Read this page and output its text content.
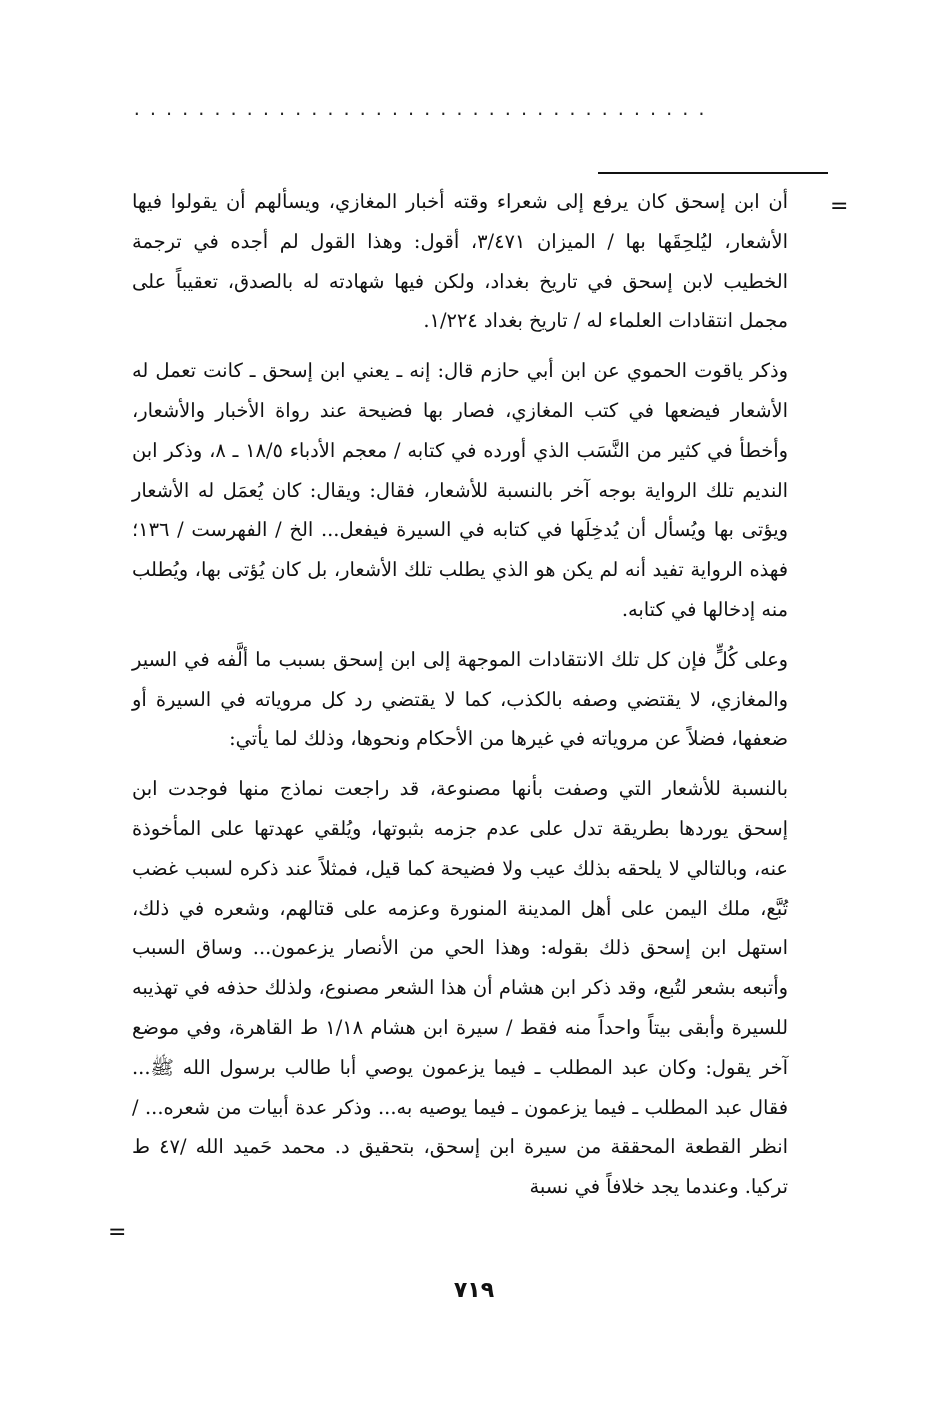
....................................
=

أن ابن إسحق كان يرفع إلى شعراء وقته أخبار المغازي، ويسألهم أن يقولوا فيها الأشعار، ليُلحِقَها بها / الميزان ٣/٤٧١، أقول: وهذا القول لم أجده في ترجمة الخطيب لابن إسحق في تاريخ بغداد، ولكن فيها شهادته له بالصدق، تعقيباً على مجمل انتقادات العلماء له / تاريخ بغداد ١/٢٢٤.

وذكر ياقوت الحموي عن ابن أبي حازم قال: إنه ـ يعني ابن إسحق ـ كانت تعمل له الأشعار فيضعها في كتب المغازي، فصار بها فضيحة عند رواة الأخبار والأشعار، وأخطأ في كثير من النَّسَب الذي أورده في كتابه / معجم الأدباء ١٨/٥ ـ ٨، وذكر ابن النديم تلك الرواية بوجه آخر بالنسبة للأشعار، فقال: ويقال: كان يُعمَل له الأشعار ويؤتى بها ويُسأل أن يُدخِلَها في كتابه في السيرة فيفعل... الخ / الفهرست / ١٣٦؛ فهذه الرواية تفيد أنه لم يكن هو الذي يطلب تلك الأشعار، بل كان يُؤتى بها، ويُطلب منه إدخالها في كتابه.

وعلى كُلٍّ فإن كل تلك الانتقادات الموجهة إلى ابن إسحق بسبب ما ألَّفه في السير والمغازي، لا يقتضي وصفه بالكذب، كما لا يقتضي رد كل مروياته في السيرة أو ضعفها، فضلاً عن مروياته في غيرها من الأحكام ونحوها، وذلك لما يأتي:

بالنسبة للأشعار التي وصفت بأنها مصنوعة، قد راجعت نماذج منها فوجدت ابن إسحق يوردها بطريقة تدل على عدم جزمه بثبوتها، ويُلقي عهدتها على المأخوذة عنه، وبالتالي لا يلحقه بذلك عيب ولا فضيحة كما قيل، فمثلاً عند ذكره لسبب غضب تُبَّع، ملك اليمن على أهل المدينة المنورة وعزمه على قتالهم، وشعره في ذلك، استهل ابن إسحق ذلك بقوله: وهذا الحي من الأنصار يزعمون... وساق السبب وأتبعه بشعر لتُبع، وقد ذكر ابن هشام أن هذا الشعر مصنوع، ولذلك حذفه في تهذيبه للسيرة وأبقى بيتاً واحداً منه فقط / سيرة ابن هشام ١/١٨ ط القاهرة، وفي موضع آخر يقول: وكان عبد المطلب ـ فيما يزعمون يوصي أبا طالب برسول الله ﷺ... فقال عبد المطلب ـ فيما يزعمون ـ فيما يوصيه به... وذكر عدة أبيات من شعره... / انظر القطعة المحققة من سيرة ابن إسحق، بتحقيق د. محمد حَميد الله /٤٧ ط تركيا. وعندما يجد خلافاً في نسبة

=
٧١٩
